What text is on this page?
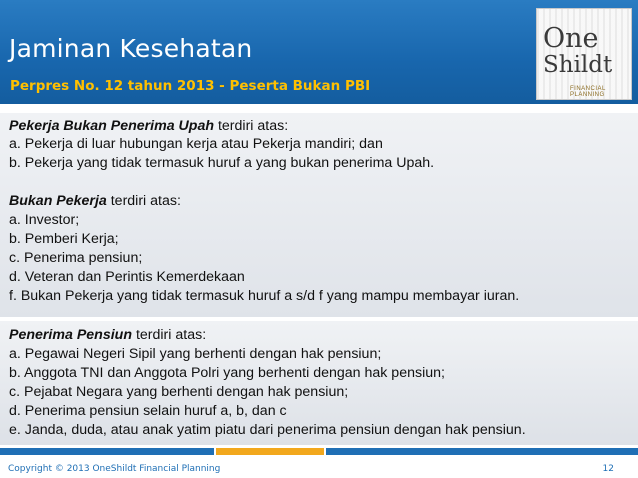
Jaminan Kesehatan
Perpres No. 12 tahun 2013 - Peserta Bukan PBI
One
Shildt
FINANCIAL PLANNING
Pekerja Bukan Penerima Upah terdiri atas:
a. Pekerja di luar hubungan kerja atau Pekerja mandiri; dan
b. Pekerja yang tidak termasuk huruf a yang bukan penerima Upah.
Bukan Pekerja terdiri atas:
a. Investor;
b. Pemberi Kerja;
c. Penerima pensiun;
d. Veteran dan Perintis Kemerdekaan
f. Bukan Pekerja yang tidak termasuk huruf a s/d f yang mampu membayar iuran.
Penerima Pensiun terdiri atas:
a. Pegawai Negeri Sipil yang berhenti dengan hak pensiun;
b. Anggota TNI dan Anggota Polri yang berhenti dengan hak pensiun;
c. Pejabat Negara yang berhenti dengan hak pensiun;
d. Penerima pensiun selain huruf a, b, dan c
e. Janda, duda, atau anak yatim piatu dari penerima pensiun dengan hak pensiun.
Copyright © 2013 OneShildt Financial Planning	12
